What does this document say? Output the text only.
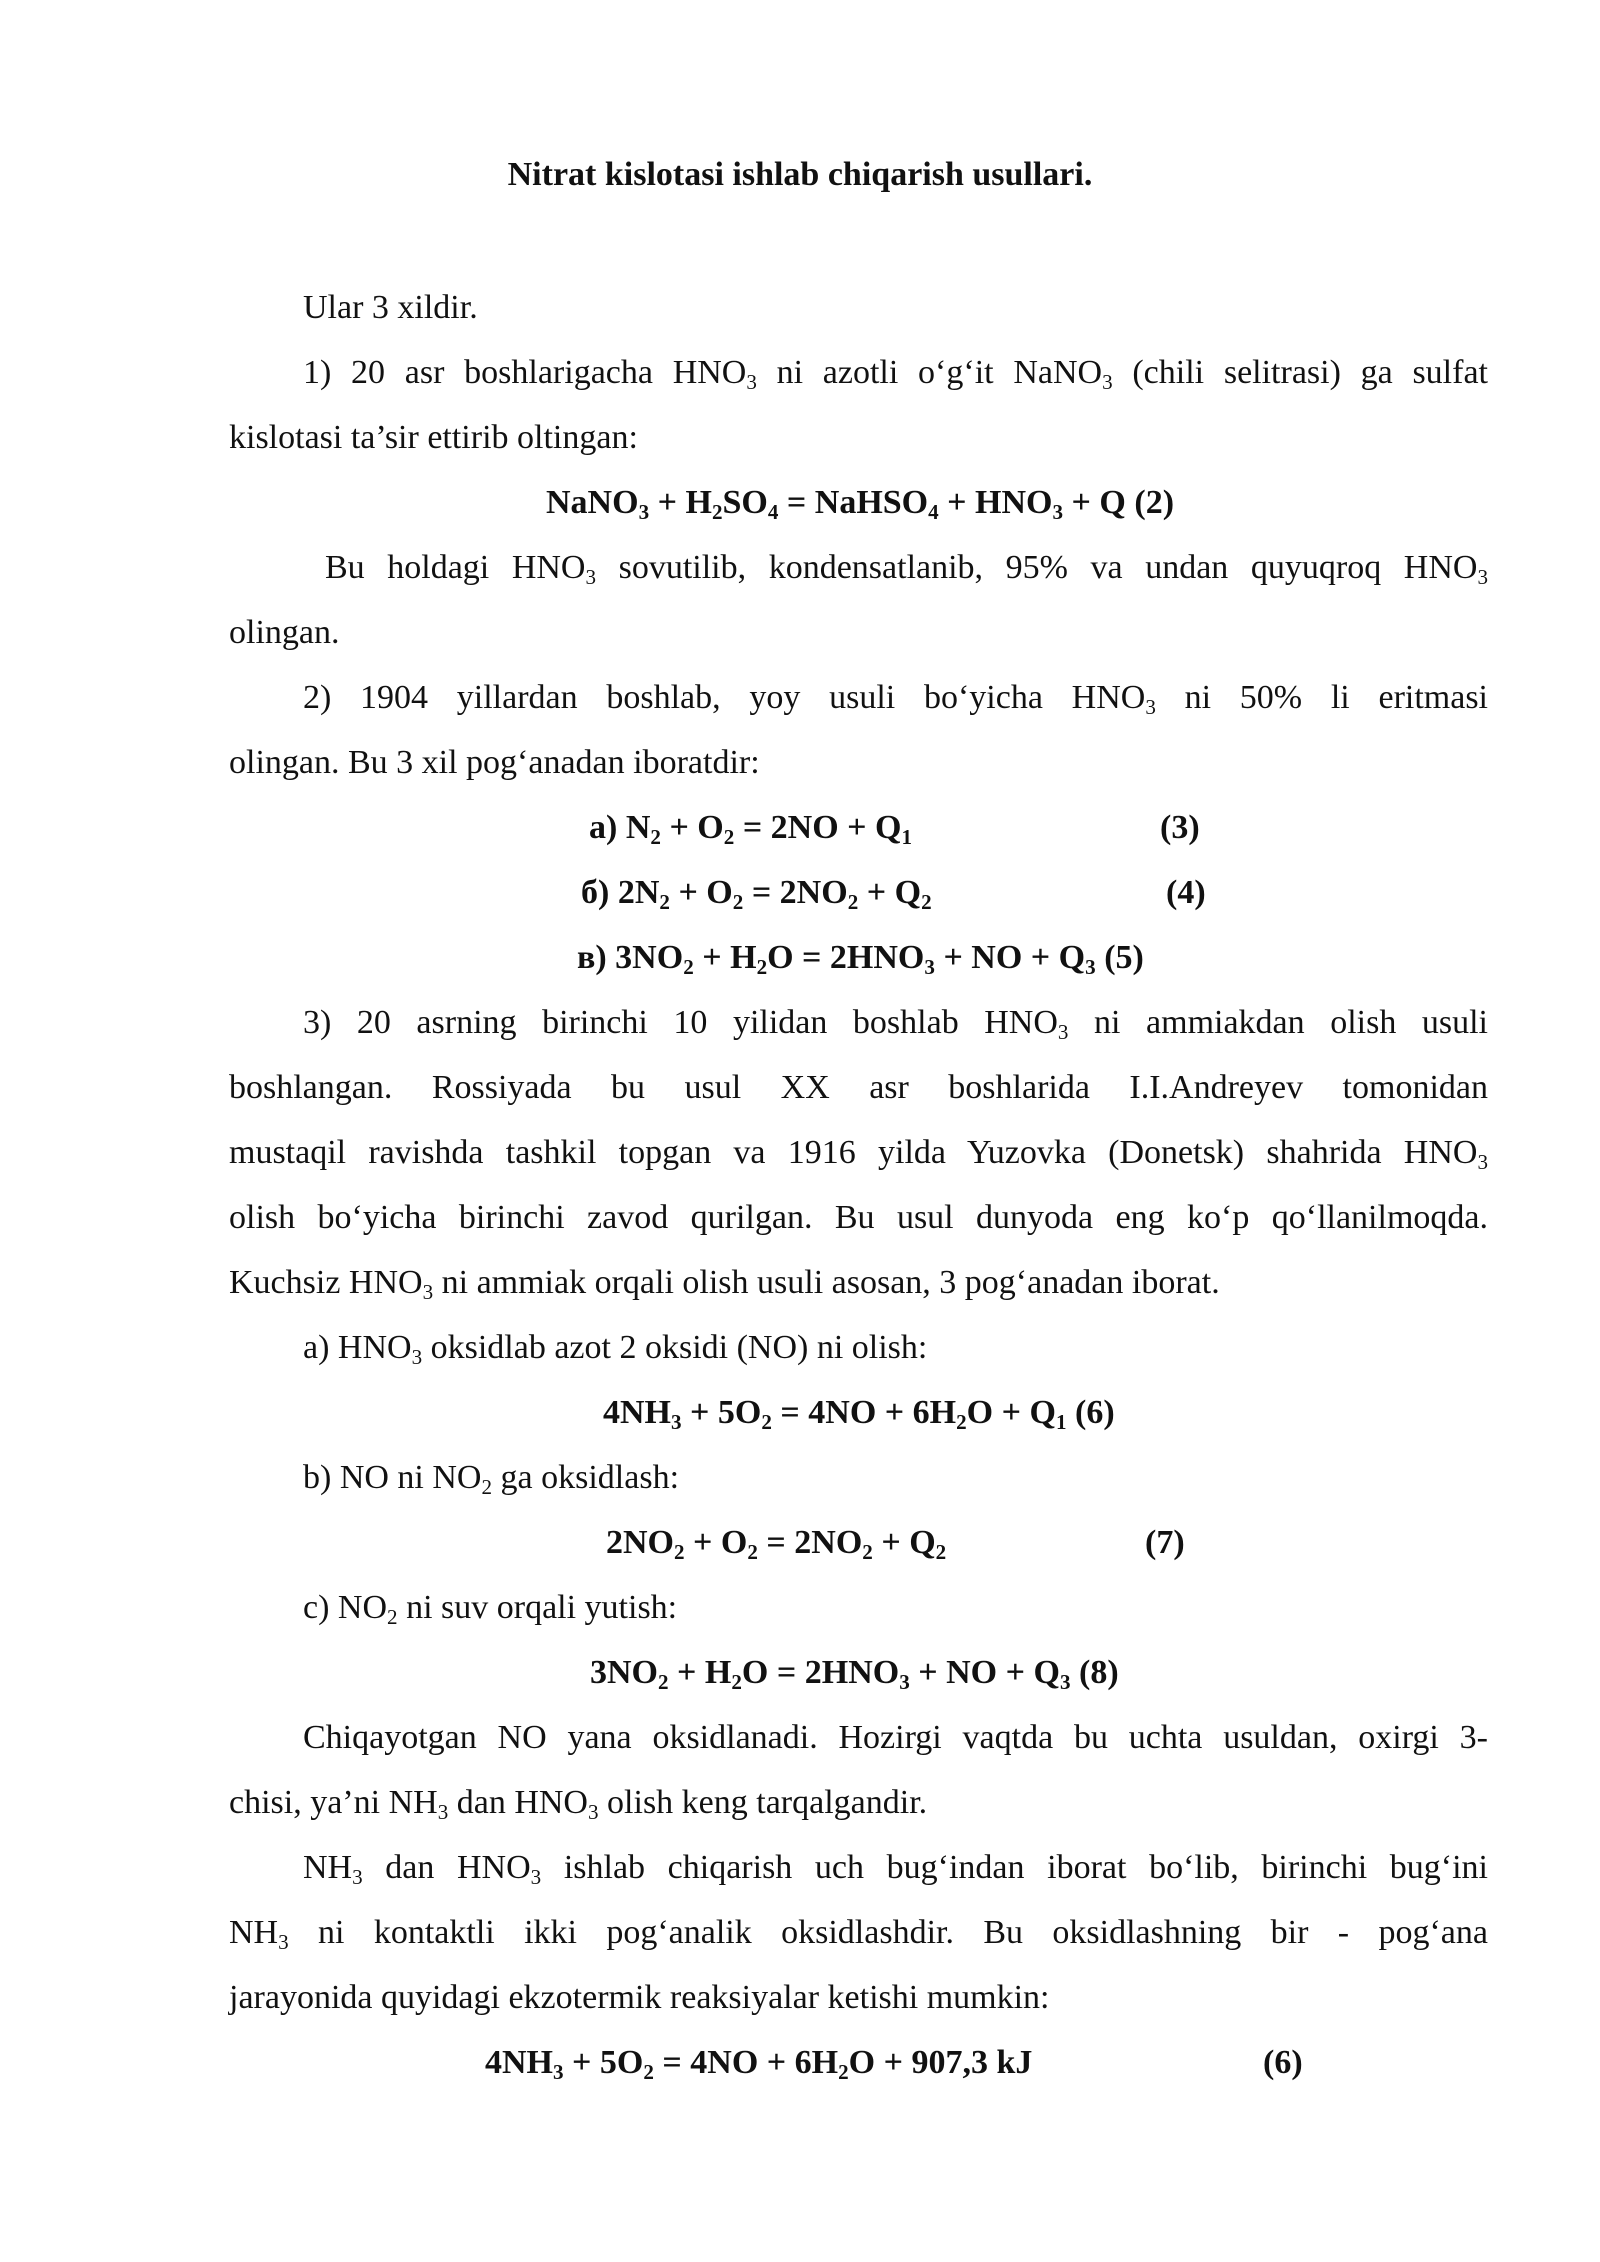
Nitrat kislotasi ishlab chiqarish usullari.
Ular 3 xildir.
1) 20 asr boshlarigacha $HNO_3$ ni azotli o‘g‘it NaNO$_3$ (chili selitrasi) ga sulfat
kislotasi ta’sir ettirib oltingan:
NaNO$_3$ + $H_2SO_4$ = NaHSO$_4$ + $HNO_3 + Q$ (2)
Bu holdagi $HNO_3$ sovutilib, kondensatlanib, 95% va undan quyuqroq $HNO_3$
olingan.
2) 1904 yillardan boshlab, yoy usuli bo‘yicha $HNO_3$ ni 50% li eritmasi
olingan. Bu 3 xil pog‘anadan iboratdir:
3) 20 asrning birinchi 10 yilidan boshlab $HNO_3$ ni ammiakdan olish usuli
boshlangan. Rossiyada bu usul XX asr boshlarida I.I.Andreyev tomonidan
mustaqil ravishda tashkil topgan va 1916 yilda Yuzovka (Donetsk) shahrida $HNO_3$
olish bo‘yicha birinchi zavod qurilgan. Bu usul dunyoda eng ko‘p qo‘llanilmoqda.
Kuchsiz $HNO_3$ ni ammiak orqali olish usuli asosan, 3 pog‘anadan iborat.
a) $HNO_3$ oksidlab azot 2 oksidi (NO) ni olish:
b) NO ni $NO_2$ ga oksidlash:
c) $NO_2$ ni suv orqali yutish:
Chiqayotgan NO yana oksidlanadi. Hozirgi vaqtda bu uchta usuldan, oxirgi 3-
chisi, ya’ni $NH_3$ dan $HNO_3$ olish keng tarqalgandir.
$NH_3$ dan $HNO_3$ ishlab chiqarish uch bug‘indan iborat bo‘lib, birinchi bug‘ini
$NH_3$ ni kontaktli ikki pog‘analik oksidlashdir. Bu oksidlashning bir - pog‘ana
jarayonida quyidagi ekzotermik reaksiyalar ketishi mumkin:
а) $N_2 + O_2 = 2NO + Q_1$	(3)
б) $2N_2 + O_2 = 2NO_2 + Q_2$	(4)
в) $3NO_2 + H_2O = 2HNO_3$ + NO + $Q_3$ (5)
$4NH_3 + 5O_2 = 4NO + 6H_2O + Q_1$ (6)
$2NO_2 + O_2 = 2NO_2 + Q_2$	(7)
$3NO_2 + H_2O = 2HNO_3$ + NO + $Q_3$ (8)
$4NH_3 + 5O_2 = 4NO + 6H_2O + 907,3$ kJ	(6)
